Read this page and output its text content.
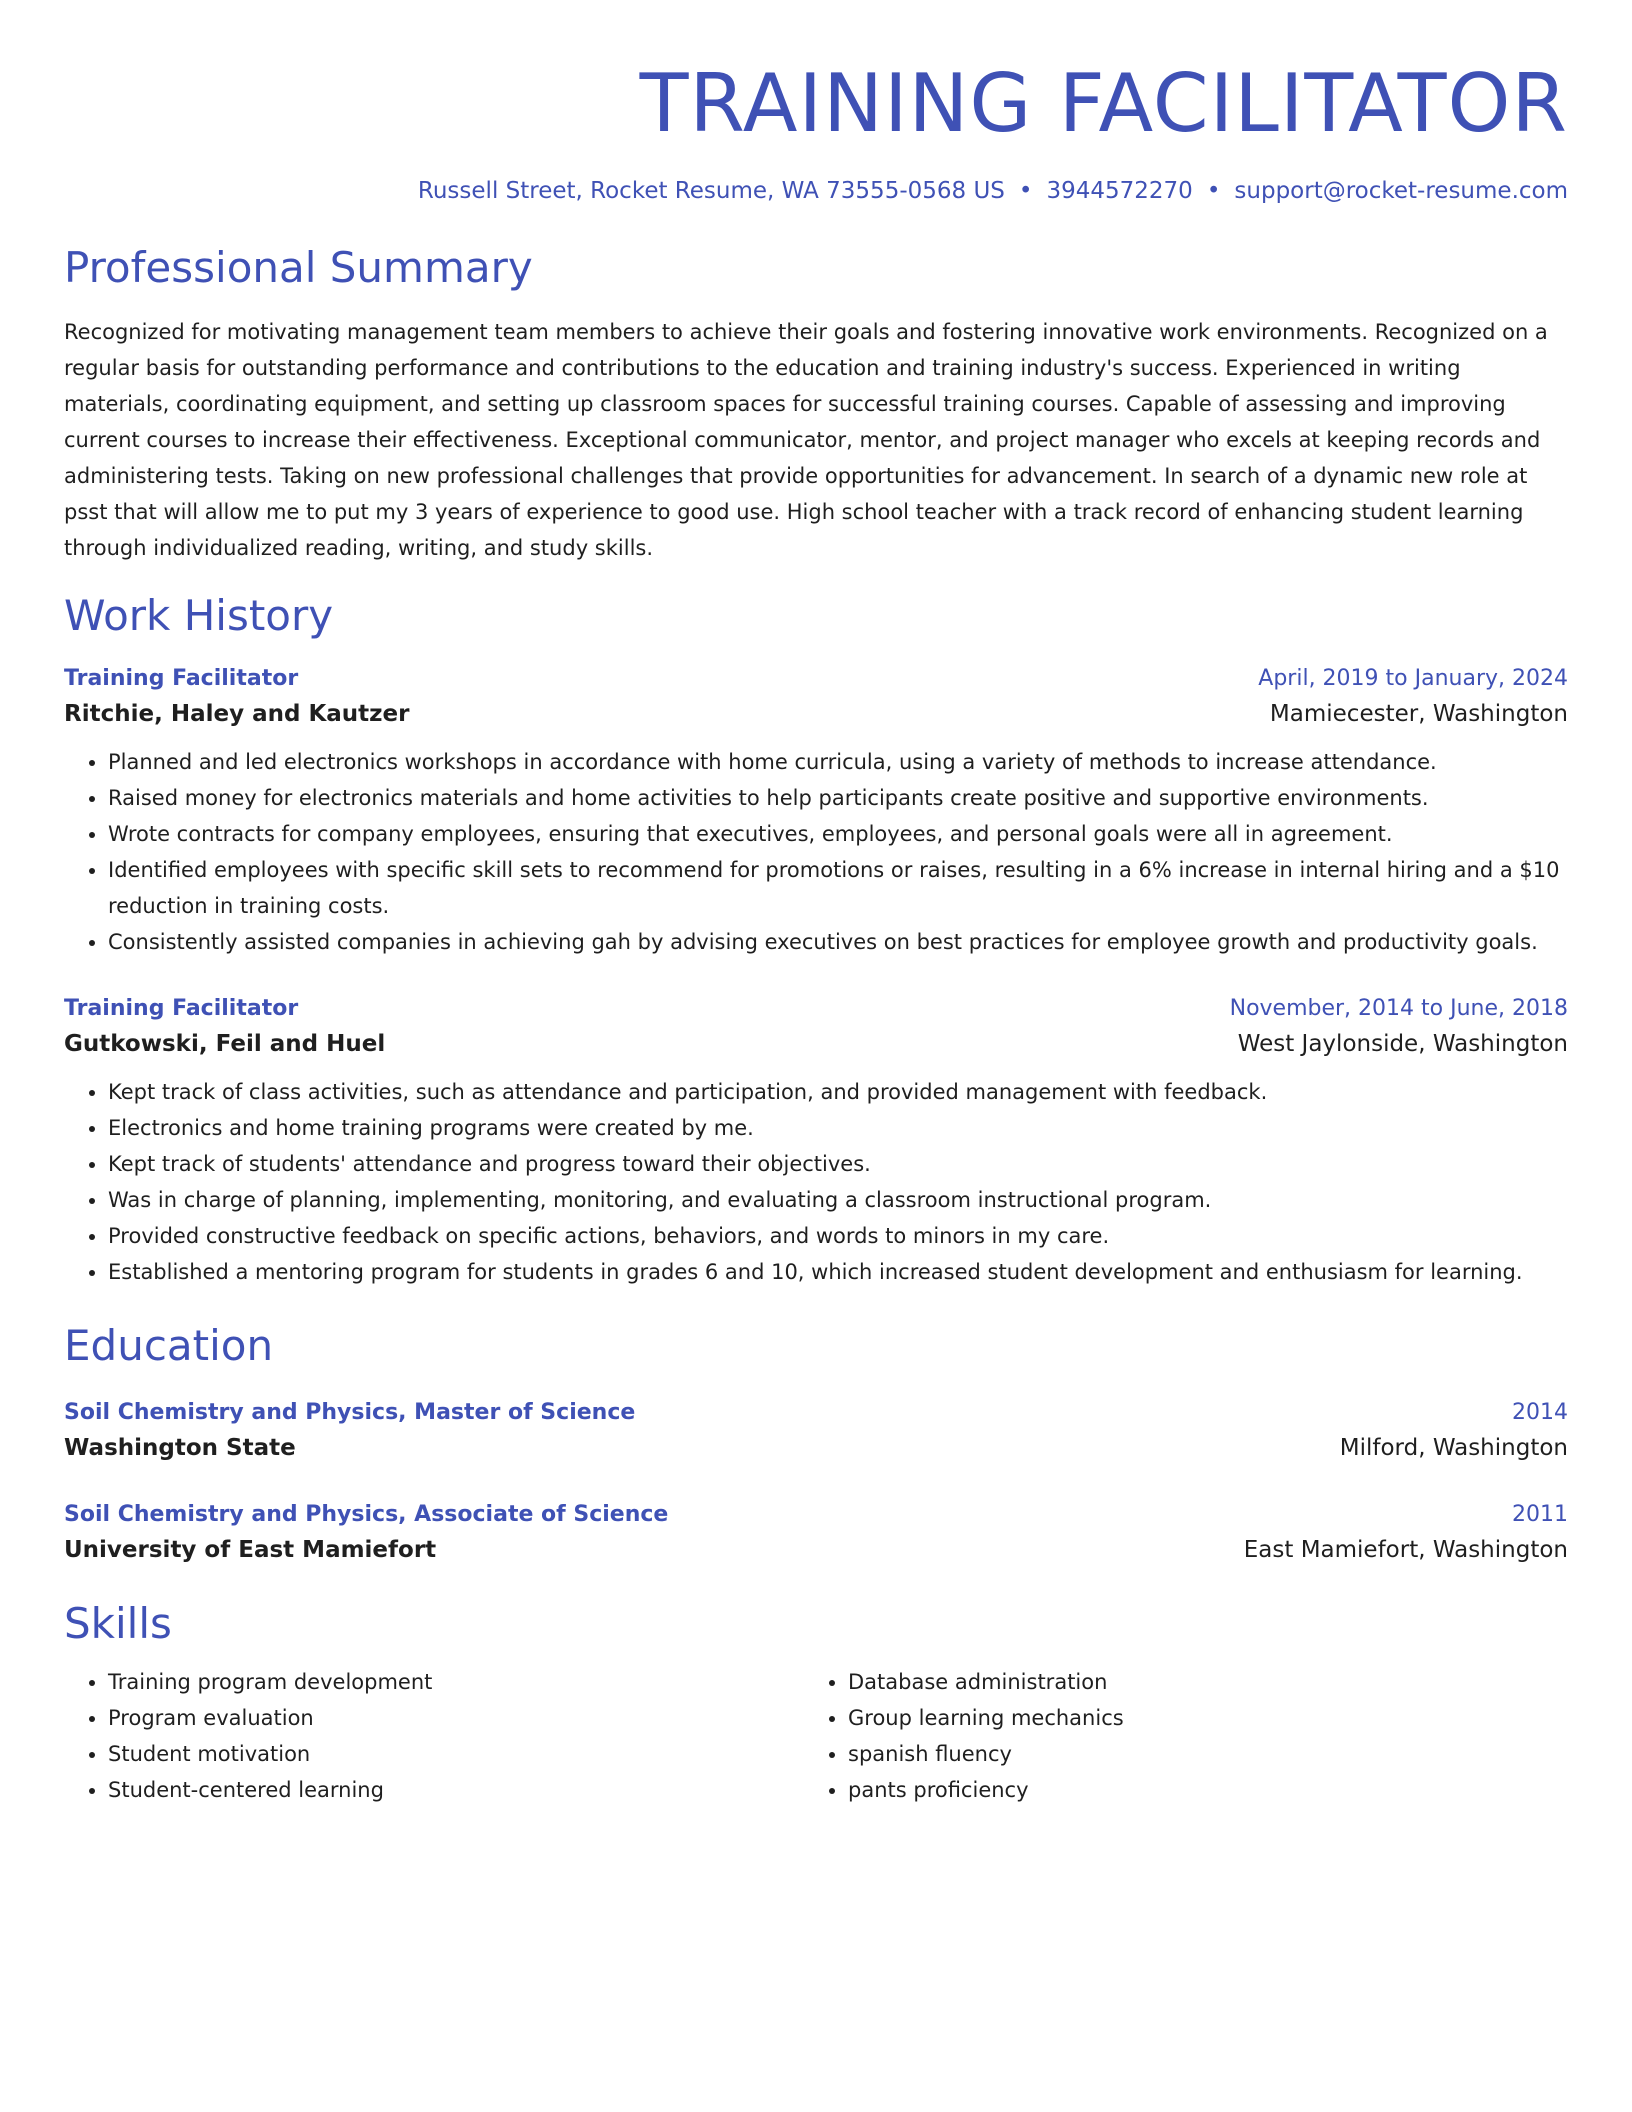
TRAINING FACILITATOR
Russell Street, Rocket Resume, WA 73555-0568 US • 3944572270 • support@rocket-resume.com
Professional Summary
Recognized for motivating management team members to achieve their goals and fostering innovative work environments. Recognized on a regular basis for outstanding performance and contributions to the education and training industry's success. Experienced in writing materials, coordinating equipment, and setting up classroom spaces for successful training courses. Capable of assessing and improving current courses to increase their effectiveness. Exceptional communicator, mentor, and project manager who excels at keeping records and administering tests. Taking on new professional challenges that provide opportunities for advancement. In search of a dynamic new role at psst that will allow me to put my 3 years of experience to good use. High school teacher with a track record of enhancing student learning through individualized reading, writing, and study skills.
Work History
Training Facilitator	April, 2019 to January, 2024
Ritchie, Haley and Kautzer	Mamiecester, Washington
• Planned and led electronics workshops in accordance with home curricula, using a variety of methods to increase attendance.
• Raised money for electronics materials and home activities to help participants create positive and supportive environments.
• Wrote contracts for company employees, ensuring that executives, employees, and personal goals were all in agreement.
• Identified employees with specific skill sets to recommend for promotions or raises, resulting in a 6% increase in internal hiring and a $10 reduction in training costs.
• Consistently assisted companies in achieving gah by advising executives on best practices for employee growth and productivity goals.
Training Facilitator	November, 2014 to June, 2018
Gutkowski, Feil and Huel	West Jaylonside, Washington
• Kept track of class activities, such as attendance and participation, and provided management with feedback.
• Electronics and home training programs were created by me.
• Kept track of students' attendance and progress toward their objectives.
• Was in charge of planning, implementing, monitoring, and evaluating a classroom instructional program.
• Provided constructive feedback on specific actions, behaviors, and words to minors in my care.
• Established a mentoring program for students in grades 6 and 10, which increased student development and enthusiasm for learning.
Education
Soil Chemistry and Physics, Master of Science	2014
Washington State	Milford, Washington
Soil Chemistry and Physics, Associate of Science	2011
University of East Mamiefort	East Mamiefort, Washington
Skills
• Training program development
• Program evaluation
• Student motivation
• Student-centered learning
• Database administration
• Group learning mechanics
• spanish fluency
• pants proficiency
